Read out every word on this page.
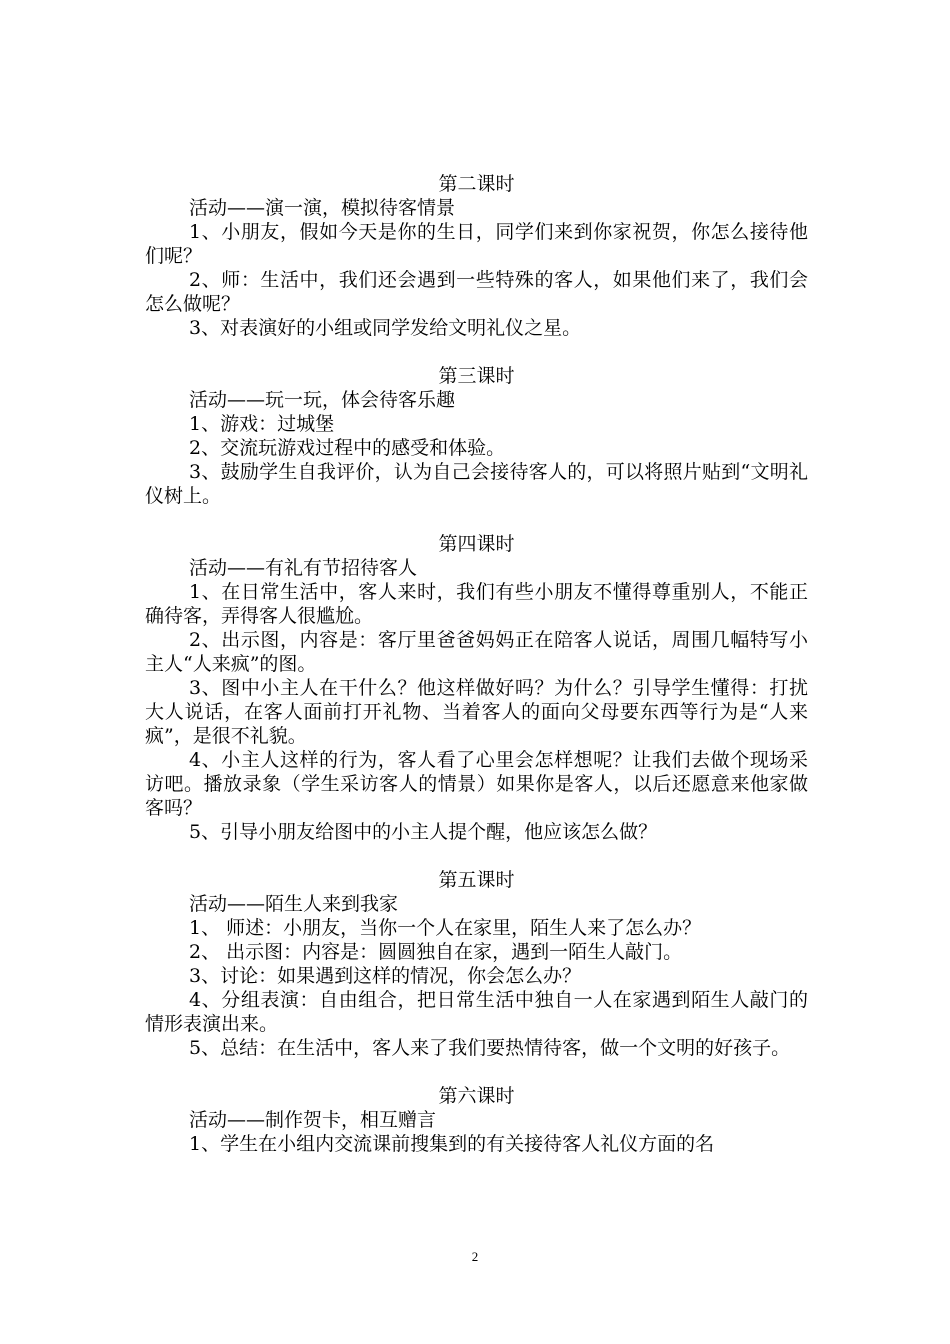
第二课时

活动——演一演，模拟待客情景

1、小朋友，假如今天是你的生日，同学们来到你家祝贺，你怎么接待他们呢？

2、师：生活中，我们还会遇到一些特殊的客人，如果他们来了，我们会怎么做呢？

3、对表演好的小组或同学发给文明礼仪之星。

第三课时

活动——玩一玩，体会待客乐趣

1、游戏：过城堡

2、交流玩游戏过程中的感受和体验。

3、鼓励学生自我评价，认为自己会接待客人的，可以将照片贴到“文明礼仪树上。

第四课时

活动——有礼有节招待客人

1、在日常生活中，客人来时，我们有些小朋友不懂得尊重别人，不能正确待客，弄得客人很尴尬。

2、出示图，内容是：客厅里爸爸妈妈正在陪客人说话，周围几幅特写小主人“人来疯”的图。

3、图中小主人在干什么？他这样做好吗？为什么？引导学生懂得：打扰大人说话，在客人面前打开礼物、当着客人的面向父母要东西等行为是“人来疯”，是很不礼貌。

4、小主人这样的行为，客人看了心里会怎样想呢？让我们去做个现场采访吧。播放录象（学生采访客人的情景）如果你是客人，以后还愿意来他家做客吗？

5、引导小朋友给图中的小主人提个醒，他应该怎么做？

第五课时

活动——陌生人来到我家

1、 师述：小朋友，当你一个人在家里，陌生人来了怎么办？

2、 出示图：内容是：圆圆独自在家，遇到一陌生人敲门。

3、讨论：如果遇到这样的情况，你会怎么办？

4、分组表演：自由组合，把日常生活中独自一人在家遇到陌生人敲门的情形表演出来。

5、总结：在生活中，客人来了我们要热情待客，做一个文明的好孩子。

第六课时

活动——制作贺卡，相互赠言

1、学生在小组内交流课前搜集到的有关接待客人礼仪方面的名

2
